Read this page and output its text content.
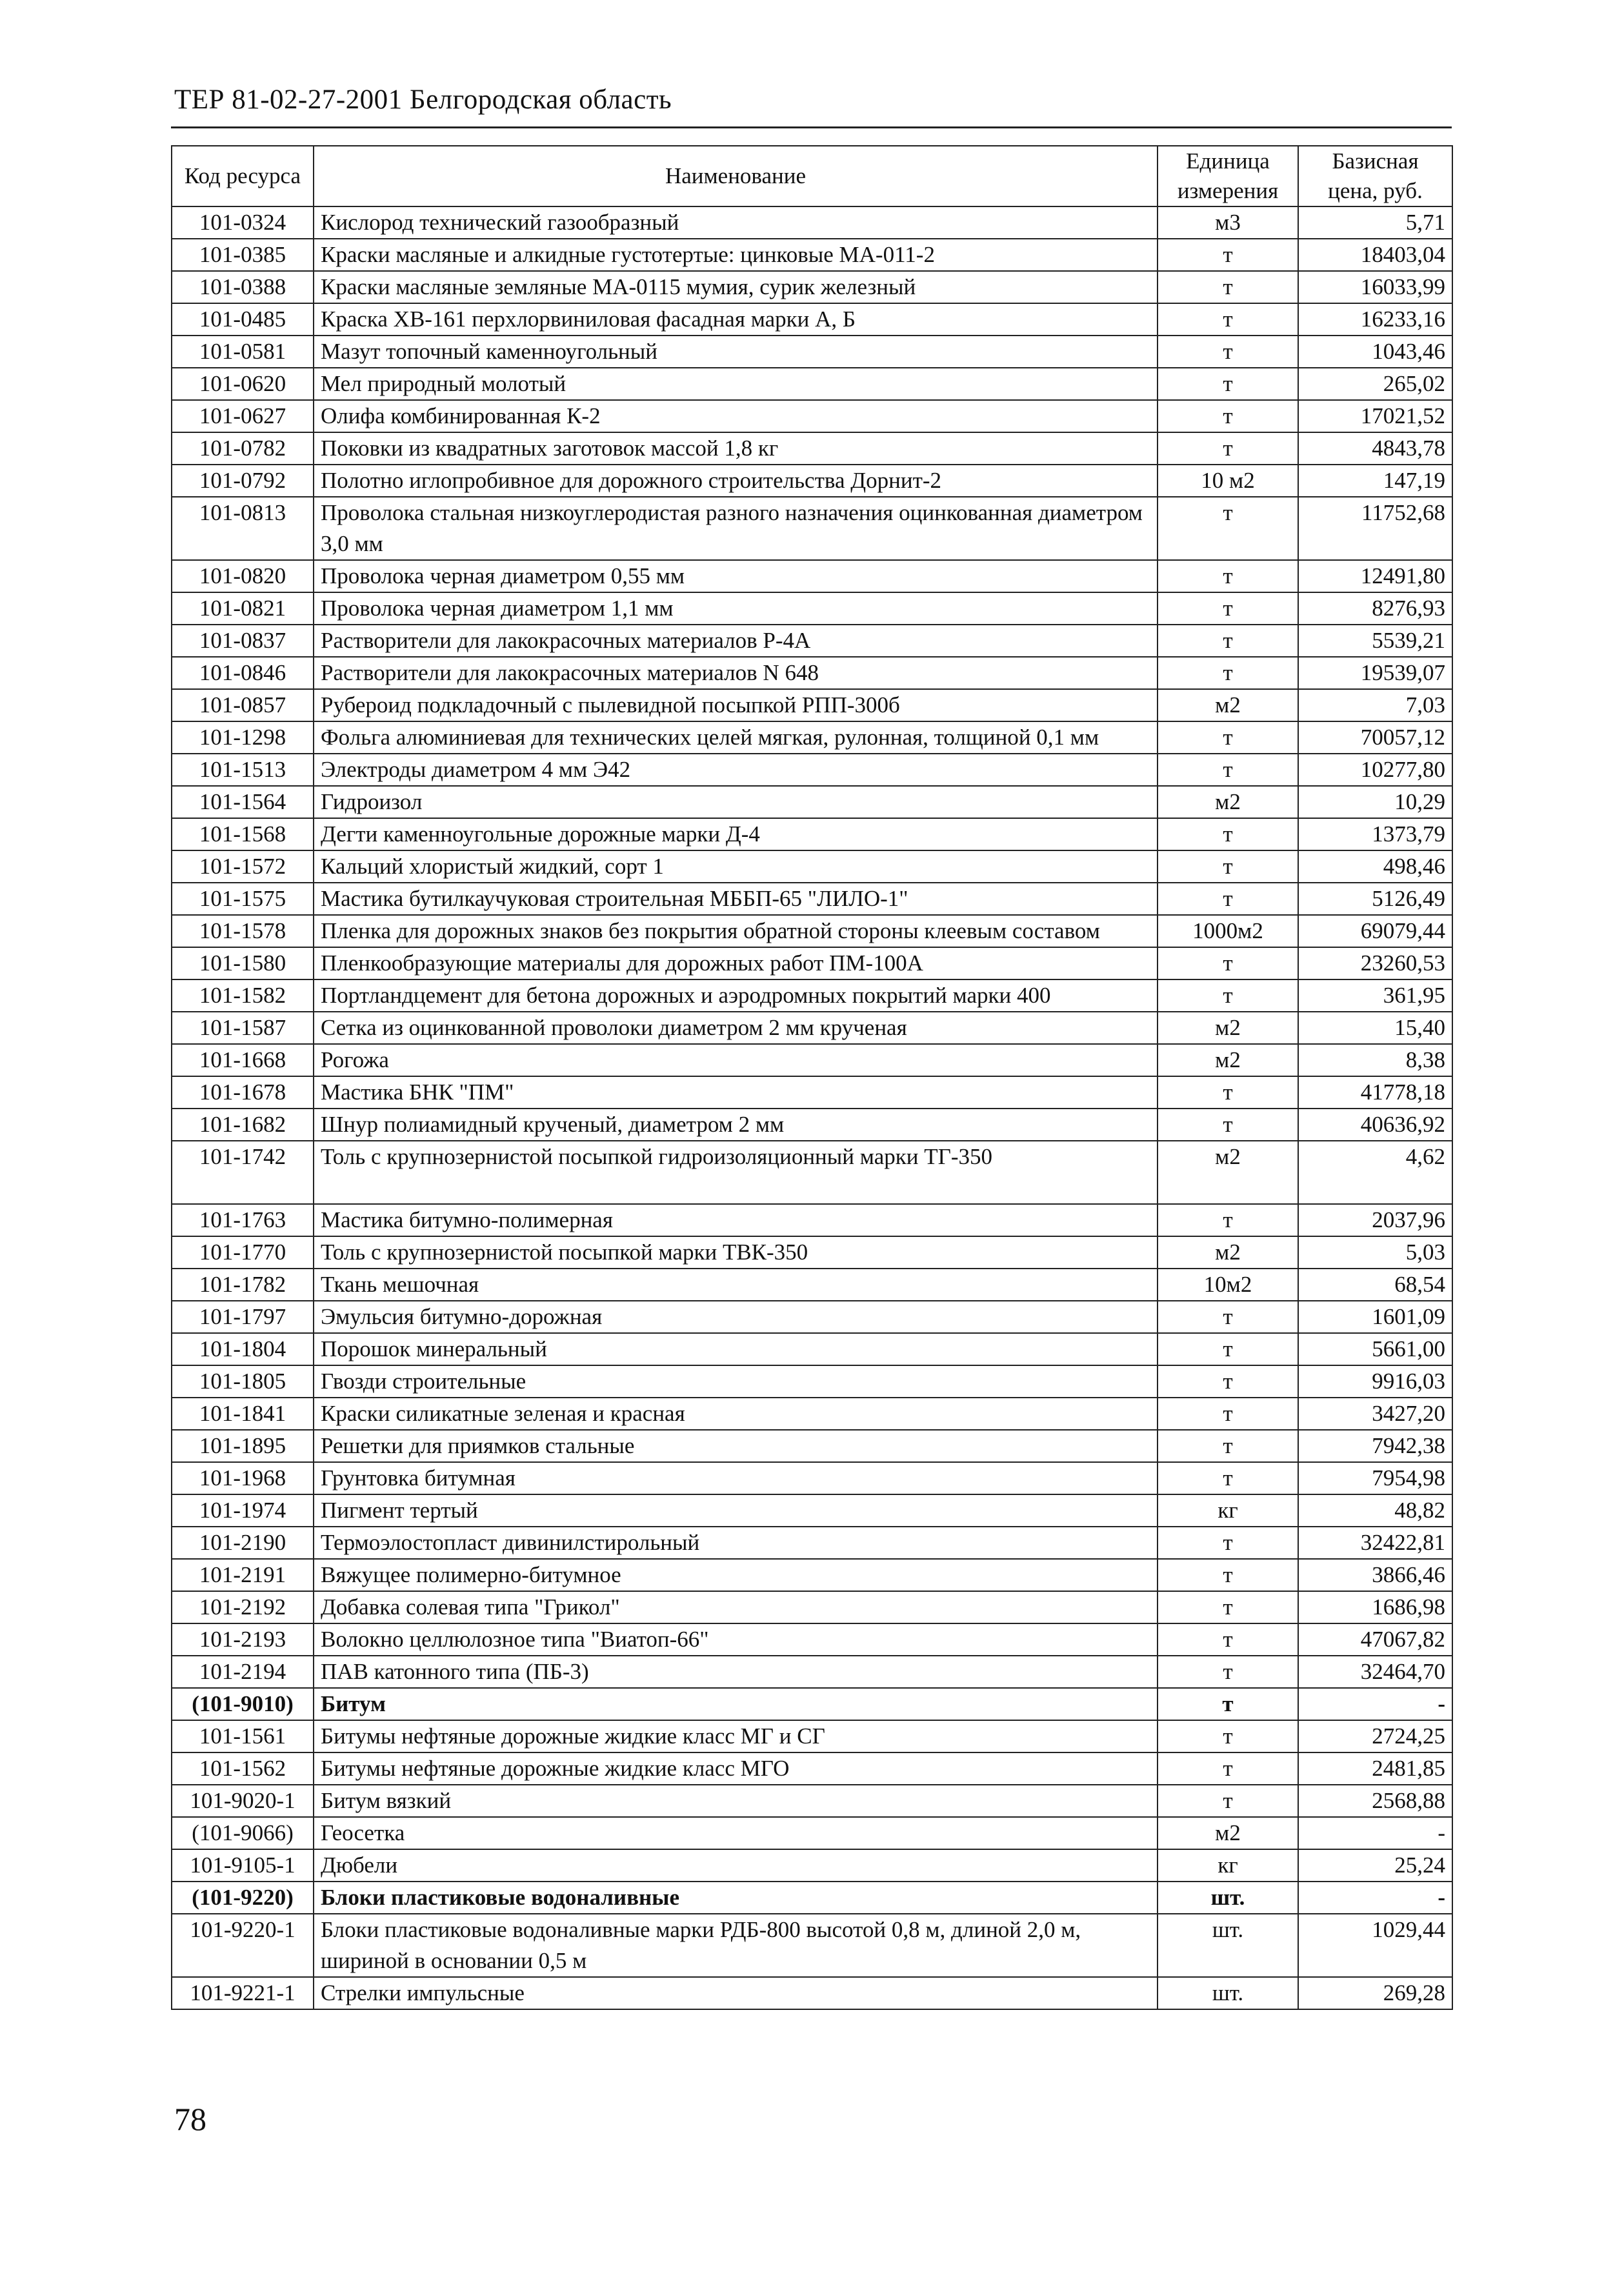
ТЕР 81-02-27-2001 Белгородская область
Код ресурса	Наименование	Единица измерения	Базисная цена, руб.
101-0324	Кислород технический газообразный	м3	5,71
101-0385	Краски масляные и алкидные густотертые: цинковые МА-011-2	т	18403,04
101-0388	Краски масляные земляные МА-0115 мумия, сурик железный	т	16033,99
101-0485	Краска ХВ-161 перхлорвиниловая фасадная марки А, Б	т	16233,16
101-0581	Мазут топочный каменноугольный	т	1043,46
101-0620	Мел природный молотый	т	265,02
101-0627	Олифа комбинированная К-2	т	17021,52
101-0782	Поковки из квадратных заготовок массой 1,8 кг	т	4843,78
101-0792	Полотно иглопробивное для дорожного строительства Дорнит-2	10 м2	147,19
101-0813	Проволока стальная низкоуглеродистая разного назначения оцинкованная диаметром 3,0 мм	т	11752,68
101-0820	Проволока черная диаметром 0,55 мм	т	12491,80
101-0821	Проволока черная диаметром 1,1 мм	т	8276,93
101-0837	Растворители для лакокрасочных материалов Р-4А	т	5539,21
101-0846	Растворители для лакокрасочных материалов N 648	т	19539,07
101-0857	Рубероид подкладочный с пылевидной посыпкой РПП-300б	м2	7,03
101-1298	Фольга алюминиевая для технических целей мягкая, рулонная, толщиной 0,1 мм	т	70057,12
101-1513	Электроды диаметром 4 мм Э42	т	10277,80
101-1564	Гидроизол	м2	10,29
101-1568	Дегти каменноугольные дорожные марки Д-4	т	1373,79
101-1572	Кальций хлористый жидкий, сорт 1	т	498,46
101-1575	Мастика бутилкаучуковая строительная МББП-65 "ЛИЛО-1"	т	5126,49
101-1578	Пленка для дорожных знаков без покрытия обратной стороны клеевым составом	1000м2	69079,44
101-1580	Пленкообразующие материалы для дорожных работ ПМ-100А	т	23260,53
101-1582	Портландцемент для бетона дорожных и аэродромных покрытий марки 400	т	361,95
101-1587	Сетка из оцинкованной проволоки диаметром 2 мм крученая	м2	15,40
101-1668	Рогожа	м2	8,38
101-1678	Мастика БНК "ПМ"	т	41778,18
101-1682	Шнур полиамидный крученый, диаметром 2 мм	т	40636,92
101-1742	Толь с крупнозернистой посыпкой гидроизоляционный марки ТГ-350	м2	4,62
101-1763	Мастика битумно-полимерная	т	2037,96
101-1770	Толь с крупнозернистой посыпкой марки ТВК-350	м2	5,03
101-1782	Ткань мешочная	10м2	68,54
101-1797	Эмульсия битумно-дорожная	т	1601,09
101-1804	Порошок минеральный	т	5661,00
101-1805	Гвозди строительные	т	9916,03
101-1841	Краски силикатные зеленая и красная	т	3427,20
101-1895	Решетки для приямков стальные	т	7942,38
101-1968	Грунтовка битумная	т	7954,98
101-1974	Пигмент тертый	кг	48,82
101-2190	Термоэлостопласт дивинилстирольный	т	32422,81
101-2191	Вяжущее полимерно-битумное	т	3866,46
101-2192	Добавка солевая типа "Грикол"	т	1686,98
101-2193	Волокно целлюлозное типа "Виатоп-66"	т	47067,82
101-2194	ПАВ катонного типа (ПБ-3)	т	32464,70
(101-9010)	Битум	т	-
101-1561	Битумы нефтяные дорожные жидкие класс МГ и СГ	т	2724,25
101-1562	Битумы нефтяные дорожные жидкие класс МГО	т	2481,85
101-9020-1	Битум вязкий	т	2568,88
(101-9066)	Геосетка	м2	-
101-9105-1	Дюбели	кг	25,24
(101-9220)	Блоки пластиковые водоналивные	шт.	-
101-9220-1	Блоки пластиковые водоналивные марки РДБ-800 высотой 0,8 м, длиной 2,0 м, шириной в основании 0,5 м	шт.	1029,44
101-9221-1	Стрелки импульсные	шт.	269,28
78
